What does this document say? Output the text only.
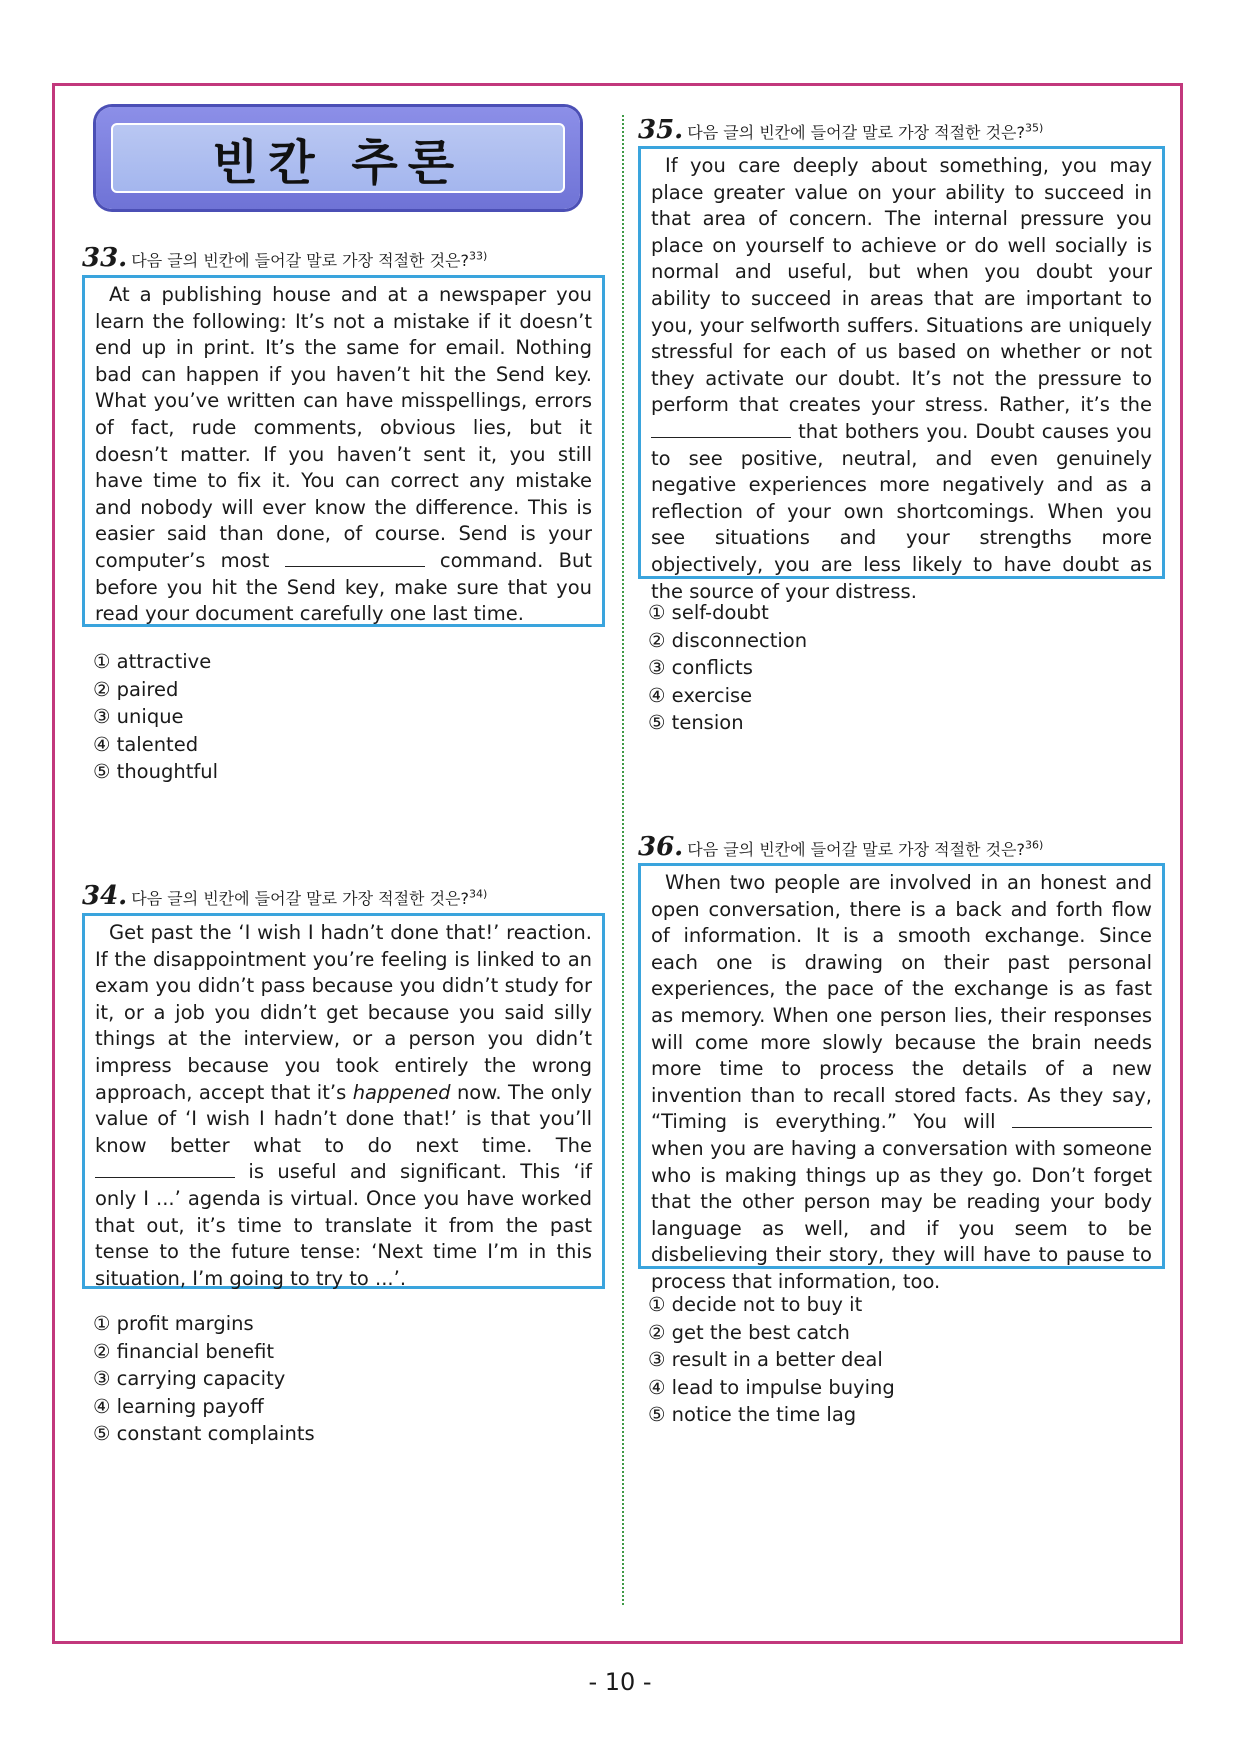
빈칸 추론
33. 다음 글의 빈칸에 들어갈 말로 가장 적절한 것은?$^{33)}$

At a publishing house and at a newspaper you learn the following: It’s not a mistake if it doesn’t end up in print. It’s the same for email. Nothing bad can happen if you haven’t hit the Send key. What you’ve written can have misspellings, errors of fact, rude comments, obvious lies, but it doesn’t matter. If you haven’t sent it, you still have time to fix it. You can correct any mistake and nobody will ever know the difference. This is easier said than done, of course. Send is your computer’s most	command. But before you hit the Send key, make sure that you read your document carefully one last time.

① attractive
② paired
③ unique
④ talented
⑤ thoughtful
34. 다음 글의 빈칸에 들어갈 말로 가장 적절한 것은?$^{34)}$

Get past the ‘I wish I hadn’t done that!’ reaction. If the disappointment you’re feeling is linked to an exam you didn’t pass because you didn’t study for it, or a job you didn’t get because you said silly things at the interview, or a person you didn’t impress because you took entirely the wrong approach, accept that it’s happened now. The only value of ‘I wish I hadn’t done that!’ is that you’ll know better what to do next time. The  is useful and significant. This ‘if only I ...’ agenda is virtual. Once you have worked that out, it’s time to translate it from the past tense to the future tense: ‘Next time I’m in this situation, I’m going to try to ...’.

① profit margins
② financial benefit
③ carrying capacity
④ learning payoff
⑤ constant complaints
35. 다음 글의 빈칸에 들어갈 말로 가장 적절한 것은?$^{35)}$

If you care deeply about something, you may place greater value on your ability to succeed in that area of concern. The internal pressure you place on yourself to achieve or do well socially is normal and useful, but when you doubt your ability to succeed in areas that are important to you, your selfworth suffers. Situations are uniquely stressful for each of us based on whether or not they activate our doubt. It’s not the pressure to perform that creates your stress. Rather, it’s the  that bothers you. Doubt causes you to see positive, neutral, and even genuinely negative experiences more negatively and as a reflection of your own shortcomings. When you see situations and your strengths more objectively, you are less likely to have doubt as the source of your distress.

① self-doubt
② disconnection
③ conflicts
④ exercise
⑤ tension
36. 다음 글의 빈칸에 들어갈 말로 가장 적절한 것은?$^{36)}$

When two people are involved in an honest and open conversation, there is a back and forth flow of information. It is a smooth exchange. Since each one is drawing on their past personal experiences, the pace of the exchange is as fast as memory. When one person lies, their responses will come more slowly because the brain needs more time to process the details of a new invention than to recall stored facts. As they say, “Timing is everything.” You will  when you are having a conversation with someone who is making things up as they go. Don’t forget that the other person may be reading your body language as well, and if you seem to be disbelieving their story, they will have to pause to process that information, too.

① decide not to buy it
② get the best catch
③ result in a better deal
④ lead to impulse buying
⑤ notice the time lag
- 10 -
